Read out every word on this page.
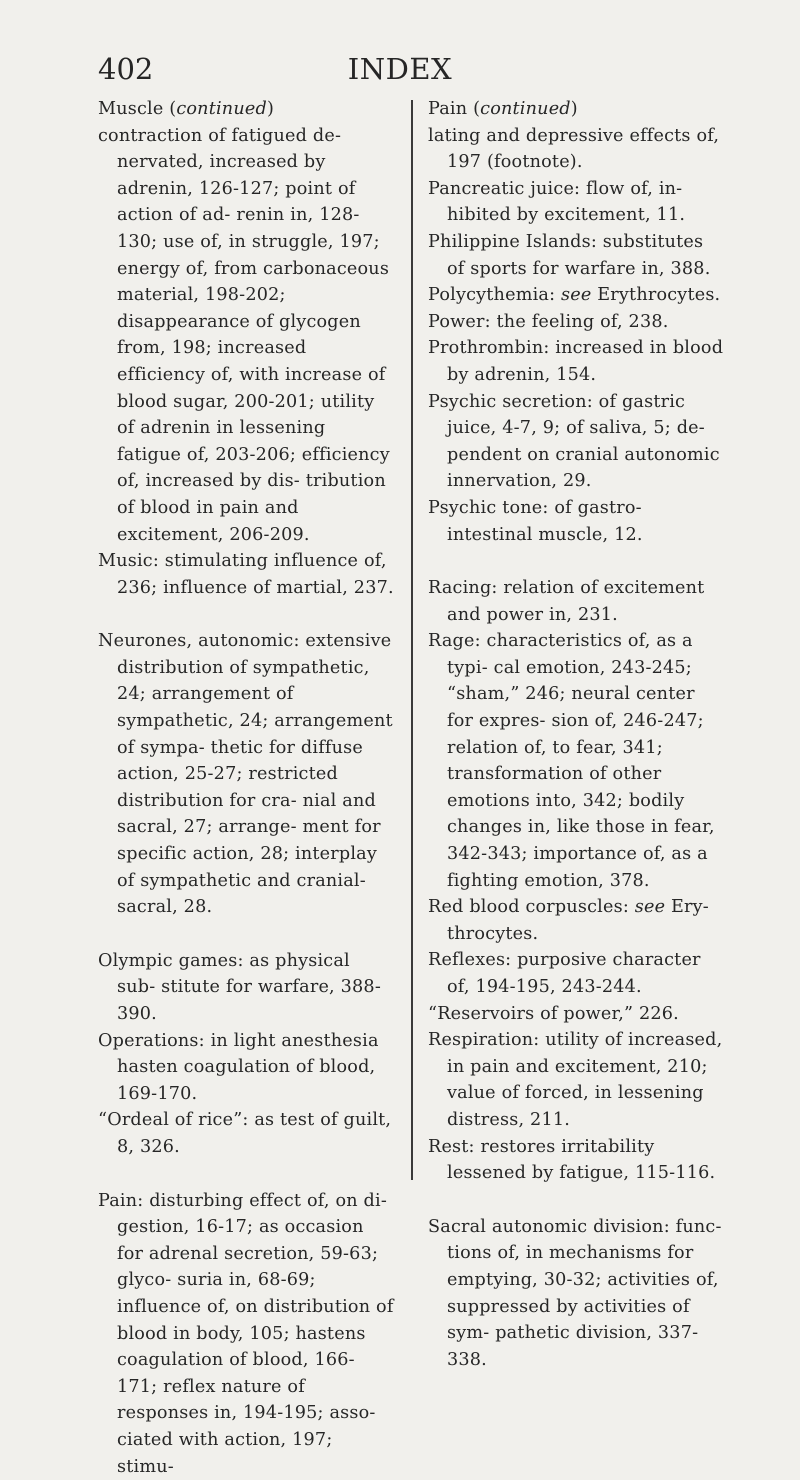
402	INDEX
Muscle (continued)
contraction of fatigued de- nervated, increased by adrenin, 126-127; point of action of ad- renin in, 128-130; use of, in struggle, 197; energy of, from carbonaceous material, 198-202; disappearance of glycogen from, 198; increased efficiency of, with increase of blood sugar, 200-201; utility of adrenin in lessening fatigue of, 203-206; efficiency of, increased by dis- tribution of blood in pain and excitement, 206-209.
Music: stimulating influence of, 236; influence of martial, 237.
Neurones, autonomic: extensive distribution of sympathetic, 24; arrangement of sympathetic, 24; arrangement of sympa- thetic for diffuse action, 25-27; restricted distribution for cra- nial and sacral, 27; arrange- ment for specific action, 28; interplay of sympathetic and cranial-sacral, 28.
Olympic games: as physical sub- stitute for warfare, 388-390.
Operations: in light anesthesia hasten coagulation of blood, 169-170.
“Ordeal of rice”: as test of guilt, 8, 326.
Pain: disturbing effect of, on di- gestion, 16-17; as occasion for adrenal secretion, 59-63; glyco- suria in, 68-69; influence of, on distribution of blood in body, 105; hastens coagulation of blood, 166-171; reflex nature of responses in, 194-195; asso- ciated with action, 197; stimu-
Pain (continued)
lating and depressive effects of, 197 (footnote).
Pancreatic juice: flow of, in- hibited by excitement, 11.
Philippine Islands: substitutes of sports for warfare in, 388.
Polycythemia: see Erythrocytes.
Power: the feeling of, 238.
Prothrombin: increased in blood by adrenin, 154.
Psychic secretion: of gastric juice, 4-7, 9; of saliva, 5; de- pendent on cranial autonomic innervation, 29.
Psychic tone: of gastro-intestinal muscle, 12.
Racing: relation of excitement and power in, 231.
Rage: characteristics of, as a typi- cal emotion, 243-245; “sham,” 246; neural center for expres- sion of, 246-247; relation of, to fear, 341; transformation of other emotions into, 342; bodily changes in, like those in fear, 342-343; importance of, as a fighting emotion, 378.
Red blood corpuscles: see Ery- throcytes.
Reflexes: purposive character of, 194-195, 243-244.
“Reservoirs of power,” 226.
Respiration: utility of increased, in pain and excitement, 210; value of forced, in lessening distress, 211.
Rest: restores irritability lessened by fatigue, 115-116.
Sacral autonomic division: func- tions of, in mechanisms for emptying, 30-32; activities of, suppressed by activities of sym- pathetic division, 337-338.
